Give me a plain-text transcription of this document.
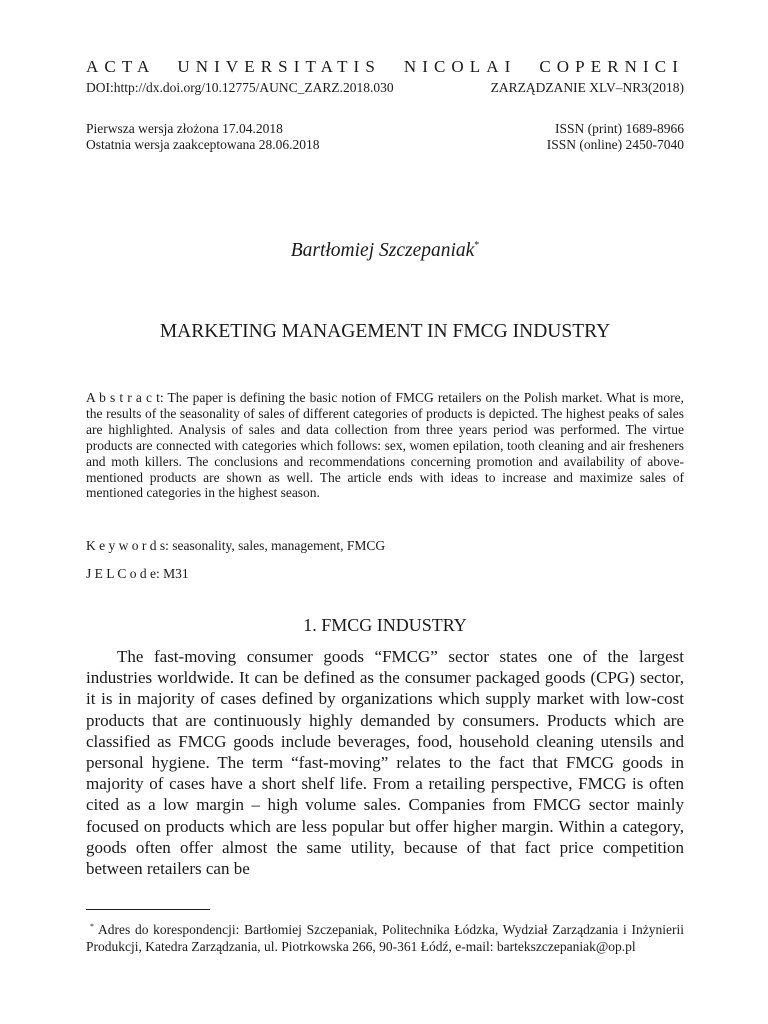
ACTA UNIVERSITATIS NICOLAI COPERNICI
DOI:http://dx.doi.org/10.12775/AUNC_ZARZ.2018.030	ZARZĄDZANIE XLV–NR3(2018)
Pierwsza wersja złożona 17.04.2018	ISSN (print) 1689-8966
Ostatnia wersja zaakceptowana 28.06.2018	ISSN (online) 2450-7040
Bartłomiej Szczepaniak*
MARKETING MANAGEMENT IN FMCG INDUSTRY

A b s t r a c t: The paper is defining the basic notion of FMCG retailers on the Polish market. What is more, the results of the seasonality of sales of different categories of products is depicted. The highest peaks of sales are highlighted. Analysis of sales and data collection from three years period was performed. The virtue products are connected with categories which follows: sex, women epilation, tooth cleaning and air fresheners and moth killers. The conclusions and recommendations concerning promotion and availability of above-mentioned products are shown as well. The article ends with ideas to increase and maximize sales of mentioned categories in the highest season.

K e y w o r d s: seasonality, sales, management, FMCG

J E L C o d e: M31

1. FMCG INDUSTRY

The fast-moving consumer goods “FMCG” sector states one of the largest industries worldwide. It can be defined as the consumer packaged goods (CPG) sector, it is in majority of cases defined by organizations which supply market with low-cost products that are continuously highly demanded by consumers. Products which are classified as FMCG goods include beverages, food, household cleaning utensils and personal hygiene. The term “fast-moving” relates to the fact that FMCG goods in majority of cases have a short shelf life. From a retailing perspective, FMCG is often cited as a low margin – high volume sales. Companies from FMCG sector mainly focused on products which are less popular but offer higher margin. Within a category, goods often offer almost the same utility, because of that fact price competition between retailers can be

* Adres do korespondencji: Bartłomiej Szczepaniak, Politechnika Łódzka, Wydział Zarządzania i Inżynierii Produkcji, Katedra Zarządzania, ul. Piotrkowska 266, 90-361 Łódź, e-mail: bartekszczepaniak@op.pl
